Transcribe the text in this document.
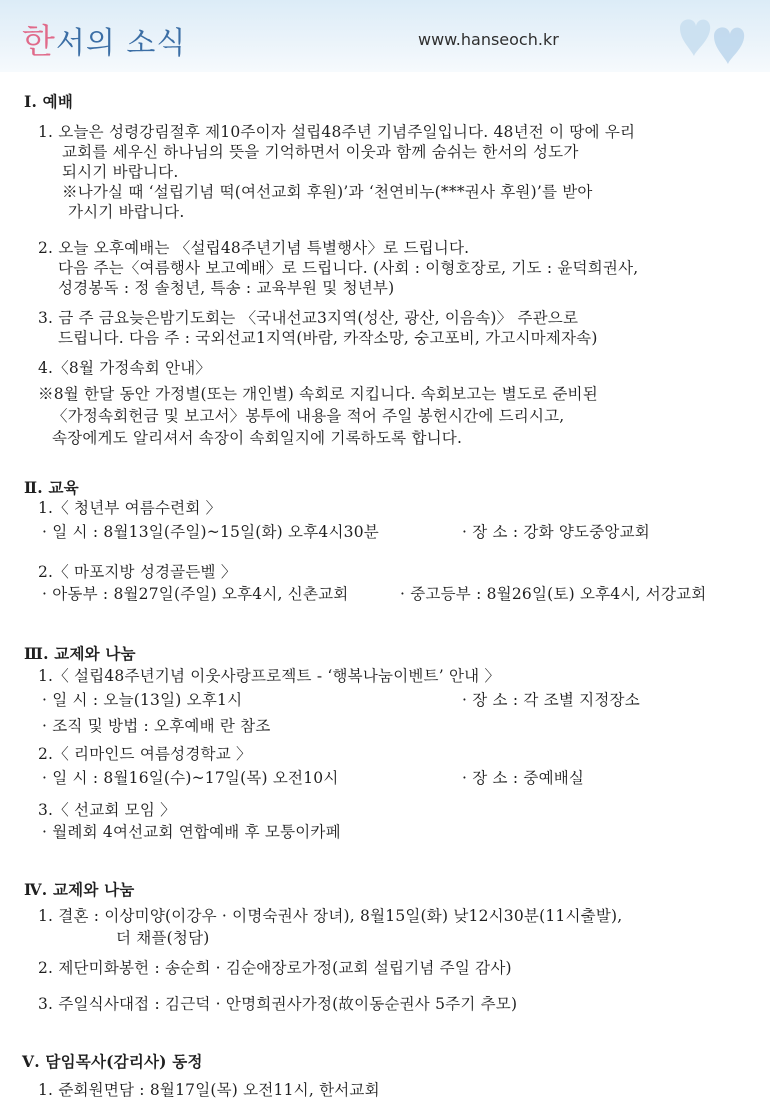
한서의 소식	www.hanseoch.kr
Ⅰ. 예배
1. 오늘은 성령강림절후 제10주이자 설립48주년 기념주일입니다. 48년전 이 땅에 우리
교회를 세우신 하나님의 뜻을 기억하면서 이웃과 함께 숨쉬는 한서의 성도가
되시기 바랍니다.
※나가실 때 ‘설립기념 떡(여선교회 후원)’과 ‘천연비누(***권사 후원)’를 받아
가시기 바랍니다.
2. 오늘 오후예배는 〈설립48주년기념 특별행사〉로 드립니다.
다음 주는〈여름행사 보고예배〉로 드립니다. (사회 : 이형호장로, 기도 : 윤덕희권사,
성경봉독 : 정 솔청년, 특송 : 교육부원 및 청년부)
3. 금 주 금요늦은밤기도회는 〈국내선교3지역(성산, 광산, 이음속)〉 주관으로
드립니다. 다음 주 : 국외선교1지역(바람, 카작소망, 숭고포비, 가고시마제자속)
4.〈8월 가정속회 안내〉
※8월 한달 동안 가정별(또는 개인별) 속회로 지킵니다. 속회보고는 별도로 준비된
〈가정속회헌금 및 보고서〉봉투에 내용을 적어 주일 봉헌시간에 드리시고,
속장에게도 알리셔서 속장이 속회일지에 기록하도록 합니다.
Ⅱ. 교육
1.〈 청년부 여름수련회 〉
· 일 시 : 8월13일(주일)~15일(화) 오후4시30분	· 장 소 : 강화 양도중앙교회
2.〈 마포지방 성경골든벨 〉
· 아동부 : 8월27일(주일) 오후4시, 신촌교회	· 중고등부 : 8월26일(토) 오후4시, 서강교회
Ⅲ. 교제와 나눔
1.〈 설립48주년기념 이웃사랑프로젝트 - ‘행복나눔이벤트’ 안내 〉
· 일 시 : 오늘(13일) 오후1시	· 장 소 : 각 조별 지정장소
· 조직 및 방법 : 오후예배 란 참조
2.〈 리마인드 여름성경학교 〉
· 일 시 : 8월16일(수)~17일(목) 오전10시	· 장 소 : 중예배실
3.〈 선교회 모임 〉
· 월례회 4여선교회 연합예배 후 모퉁이카페
Ⅳ. 교제와 나눔
1. 결혼 : 이상미양(이강우 · 이명숙권사 장녀), 8월15일(화) 낮12시30분(11시출발),
더 채플(청담)
2. 제단미화봉헌 : 송순희 · 김순애장로가정(교회 설립기념 주일 감사)
3. 주일식사대접 : 김근덕 · 안명희권사가정(故이동순권사 5주기 추모)
Ⅴ. 담임목사(감리사) 동정
1. 준회원면담 : 8월17일(목) 오전11시, 한서교회
